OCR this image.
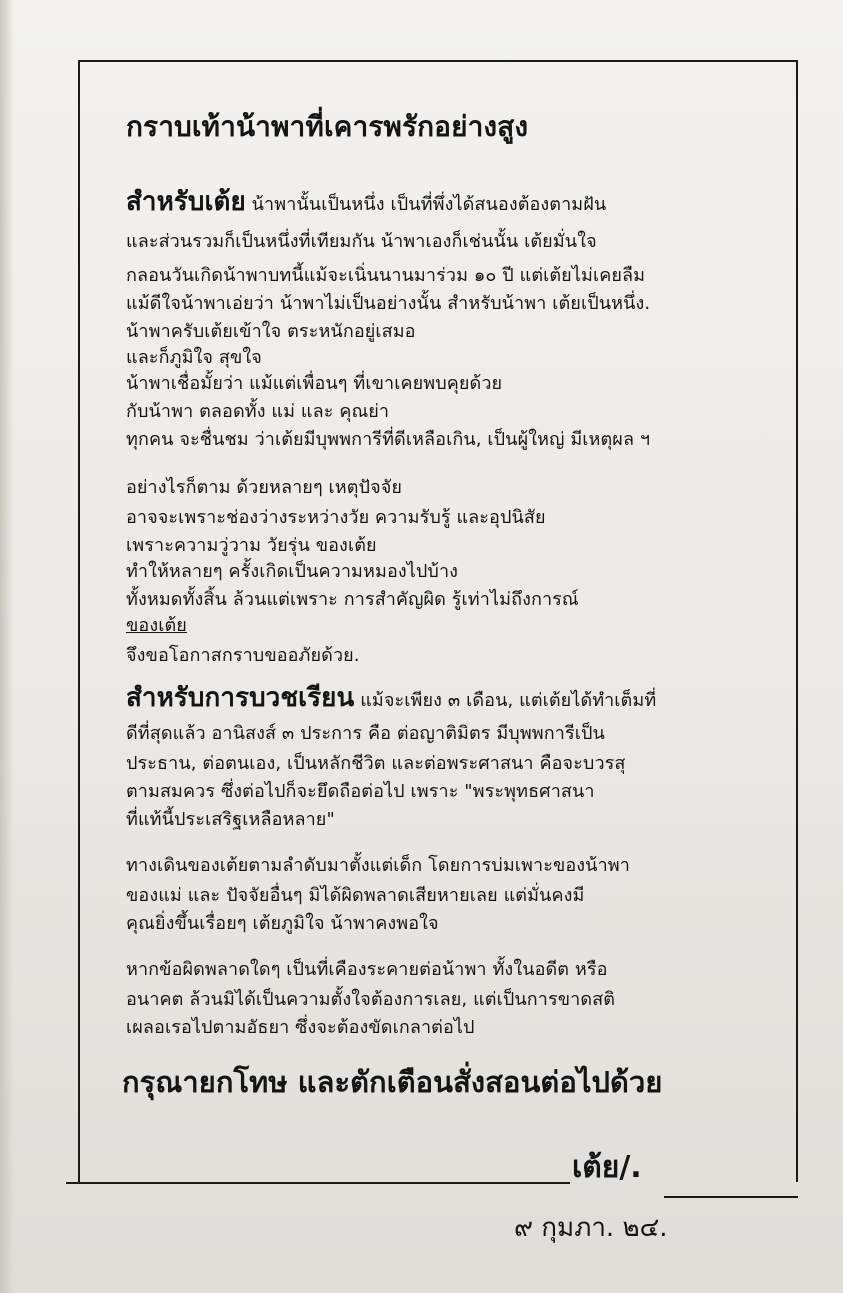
กราบเท้าน้าพาที่เคารพรักอย่างสูง
สำหรับเต้ย น้าพานั้นเป็นหนึ่ง เป็นที่พึ่งได้สนองต้องตามฝัน
และส่วนรวมก็เป็นหนึ่งที่เทียมกัน น้าพาเองก็เช่นนั้น เต้ยมั่นใจ
กลอนวันเกิดน้าพาบทนี้แม้จะเนิ่นนานมาร่วม ๑๐ ปี แต่เต้ยไม่เคยลืม
แม้ดีใจน้าพาเอ่ยว่า น้าพาไม่เป็นอย่างนั้น สำหรับน้าพา เต้ยเป็นหนึ่ง.
น้าพาครับเต้ยเข้าใจ ตระหนักอยู่เสมอ
และก็ภูมิใจ สุขใจ
น้าพาเชื่อมั้ยว่า แม้แต่เพื่อนๆ ที่เขาเคยพบคุยด้วย
กับน้าพา ตลอดทั้ง แม่ และ คุณย่า
ทุกคน จะชื่นชม ว่าเต้ยมีบุพพการีที่ดีเหลือเกิน, เป็นผู้ใหญ่ มีเหตุผล ฯ
อย่างไรก็ตาม ด้วยหลายๆ เหตุปัจจัย
อาจจะเพราะช่องว่างระหว่างวัย ความรับรู้ และอุปนิสัย
เพราะความวู่วาม วัยรุ่น ของเต้ย
ทำให้หลายๆ ครั้งเกิดเป็นความหมองไปบ้าง
ทั้งหมดทั้งสิ้น ล้วนแต่เพราะ การสำคัญผิด รู้เท่าไม่ถึงการณ์
ของเต้ย
จึงขอโอกาสกราบขออภัยด้วย.
สำหรับการบวชเรียน แม้จะเพียง ๓ เดือน, แต่เต้ยได้ทำเต็มที่
ดีที่สุดแล้ว อานิสงส์ ๓ ประการ คือ ต่อญาติมิตร มีบุพพการีเป็น
ประธาน, ต่อตนเอง, เป็นหลักชีวิต และต่อพระศาสนา คือจะบวรสุ
ตามสมควร ซึ่งต่อไปก็จะยึดถือต่อไป เพราะ "พระพุทธศาสนา
ที่แท้นี้ประเสริฐเหลือหลาย"
ทางเดินของเต้ยตามลำดับมาตั้งแต่เด็ก โดยการบ่มเพาะของน้าพา
ของแม่ และ ปัจจัยอื่นๆ มิได้ผิดพลาดเสียหายเลย แต่มั่นคงมี
คุณยิ่งขึ้นเรื่อยๆ เต้ยภูมิใจ น้าพาคงพอใจ
หากข้อผิดพลาดใดๆ เป็นที่เคืองระคายต่อน้าพา ทั้งในอดีต หรือ
อนาคต ล้วนมิได้เป็นความตั้งใจต้องการเลย, แต่เป็นการขาดสติ
เผลอเรอไปตามอัธยา ซึ่งจะต้องขัดเกลาต่อไป
กรุณายกโทษ และตักเตือนสั่งสอนต่อไปด้วย
เต้ย/.
๙ กุมภา. ๒๔.
